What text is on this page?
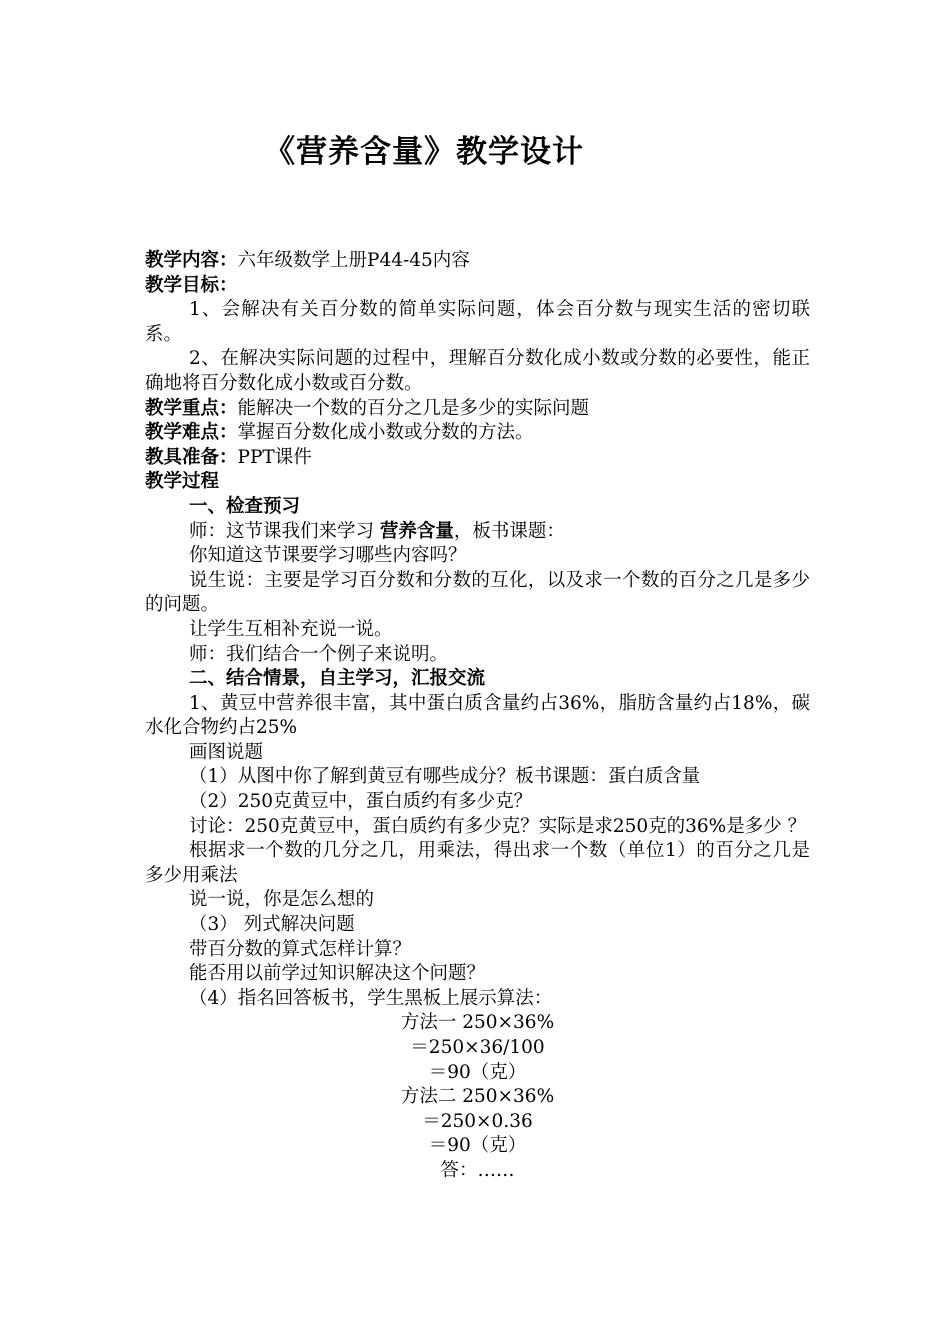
《营养含量》教学设计
教学内容：六年级数学上册P44-45内容
教学目标：
1、会解决有关百分数的简单实际问题，体会百分数与现实生活的密切联系。
2、在解决实际问题的过程中，理解百分数化成小数或分数的必要性，能正确地将百分数化成小数或百分数。
教学重点：能解决一个数的百分之几是多少的实际问题
教学难点：掌握百分数化成小数或分数的方法。
教具准备：PPT课件
教学过程
一、检查预习
师：这节课我们来学习 营养含量，板书课题：
你知道这节课要学习哪些内容吗？
说生说：主要是学习百分数和分数的互化，以及求一个数的百分之几是多少的问题。
让学生互相补充说一说。
师：我们结合一个例子来说明。
二、结合情景，自主学习，汇报交流
1、黄豆中营养很丰富，其中蛋白质含量约占36%，脂肪含量约占18%，碳水化合物约占25%
画图说题
（1）从图中你了解到黄豆有哪些成分？板书课题：蛋白质含量
（2）250克黄豆中，蛋白质约有多少克？
讨论：250克黄豆中，蛋白质约有多少克？实际是求250克的36%是多少 ？
根据求一个数的几分之几，用乘法，得出求一个数（单位1）的百分之几是多少用乘法
说一说，你是怎么想的
（3） 列式解决问题
带百分数的算式怎样计算？
能否用以前学过知识解决这个问题？
（4）指名回答板书，学生黑板上展示算法：
方法一 250×36%
＝250×36/100
＝90（克）
方法二 250×36%
＝250×0.36
＝90（克）
答：……
